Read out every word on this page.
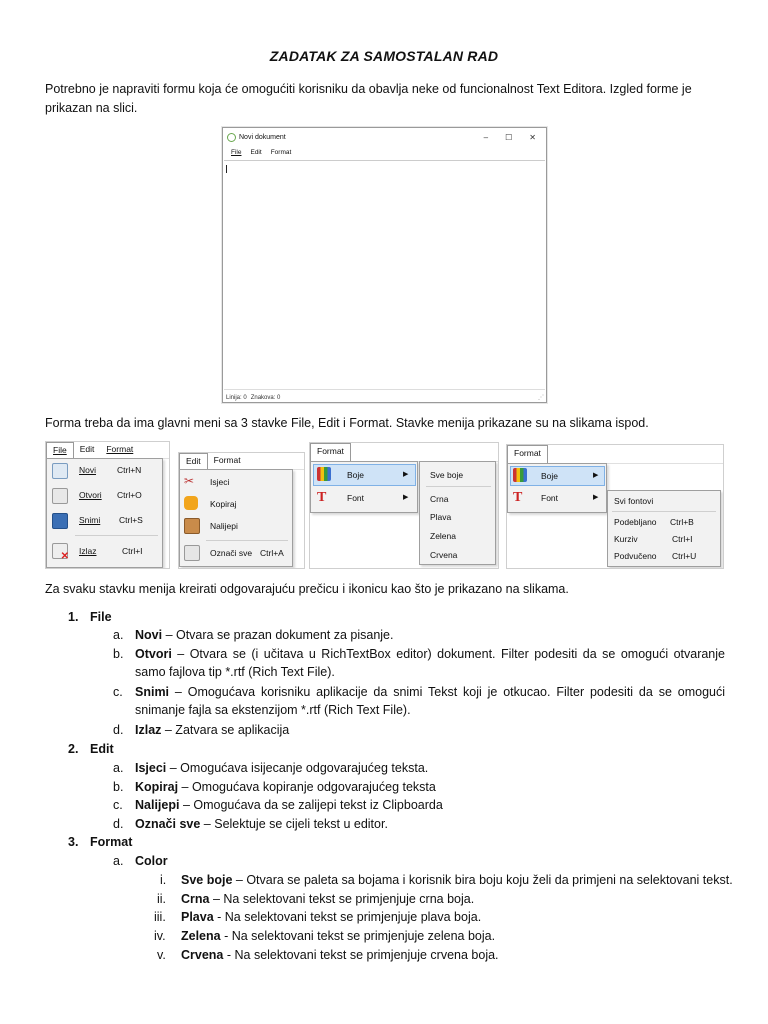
ZADATAK ZA SAMOSTALAN RAD
Potrebno je napraviti formu koja će omogućiti korisniku da obavlja neke od funcionalnost Text Editora. Izgled forme je prikazan na slici.
Novi dokument	– ☐ ✕
File Edit Format
Linija: 0 Znakova: 0	⋰
Forma treba da ima glavni meni sa 3 stavke File, Edit i Format. Stavke menija prikazane su na slikama ispod.
File	Edit	Format
Novi Ctrl+N
Otvori Ctrl+O
Snimi Ctrl+S
✕ Izlaz	Ctrl+I
Edit	Format
✂	Isjeci
Kopiraj
Nalijepi
Označi sve Ctrl+A
Format
Boje	▶
T	Font	▶
Sve boje
Crna
Plava
Zelena
Crvena
Format
Boje	▶
T	Font	▶ Svi fontovi
Podebljano Ctrl+B
Kurziv	Ctrl+I
Podvučeno Ctrl+U
Za svaku stavku menija kreirati odgovarajuću prečicu i ikonicu kao što je prikazano na slikama.
1. File
a. Novi – Otvara se prazan dokument za pisanje.
b. Otvori – Otvara se (i učitava u RichTextBox editor) dokument. Filter podesiti da se omogući otvaranje samo fajlova tip *.rtf (Rich Text File).
c. Snimi – Omogućava korisniku aplikacije da snimi Tekst koji je otkucao. Filter podesiti da se omogući snimanje fajla sa ekstenzijom *.rtf (Rich Text File).
d. Izlaz – Zatvara se aplikacija
2. Edit
a. Isjeci – Omogućava isijecanje odgovarajućeg teksta.
b. Kopiraj – Omogućava kopiranje odgovarajućeg teksta
c. Nalijepi – Omogućava da se zalijepi tekst iz Clipboarda
d. Označi sve – Selektuje se cijeli tekst u editor.
3. Format
a. Color
i. Sve boje – Otvara se paleta sa bojama i korisnik bira boju koju želi da primjeni na selektovani tekst.
ii. Crna – Na selektovani tekst se primjenjuje crna boja.
iii. Plava - Na selektovani tekst se primjenjuje plava boja.
iv. Zelena - Na selektovani tekst se primjenjuje zelena boja.
v. Crvena - Na selektovani tekst se primjenjuje crvena boja.
